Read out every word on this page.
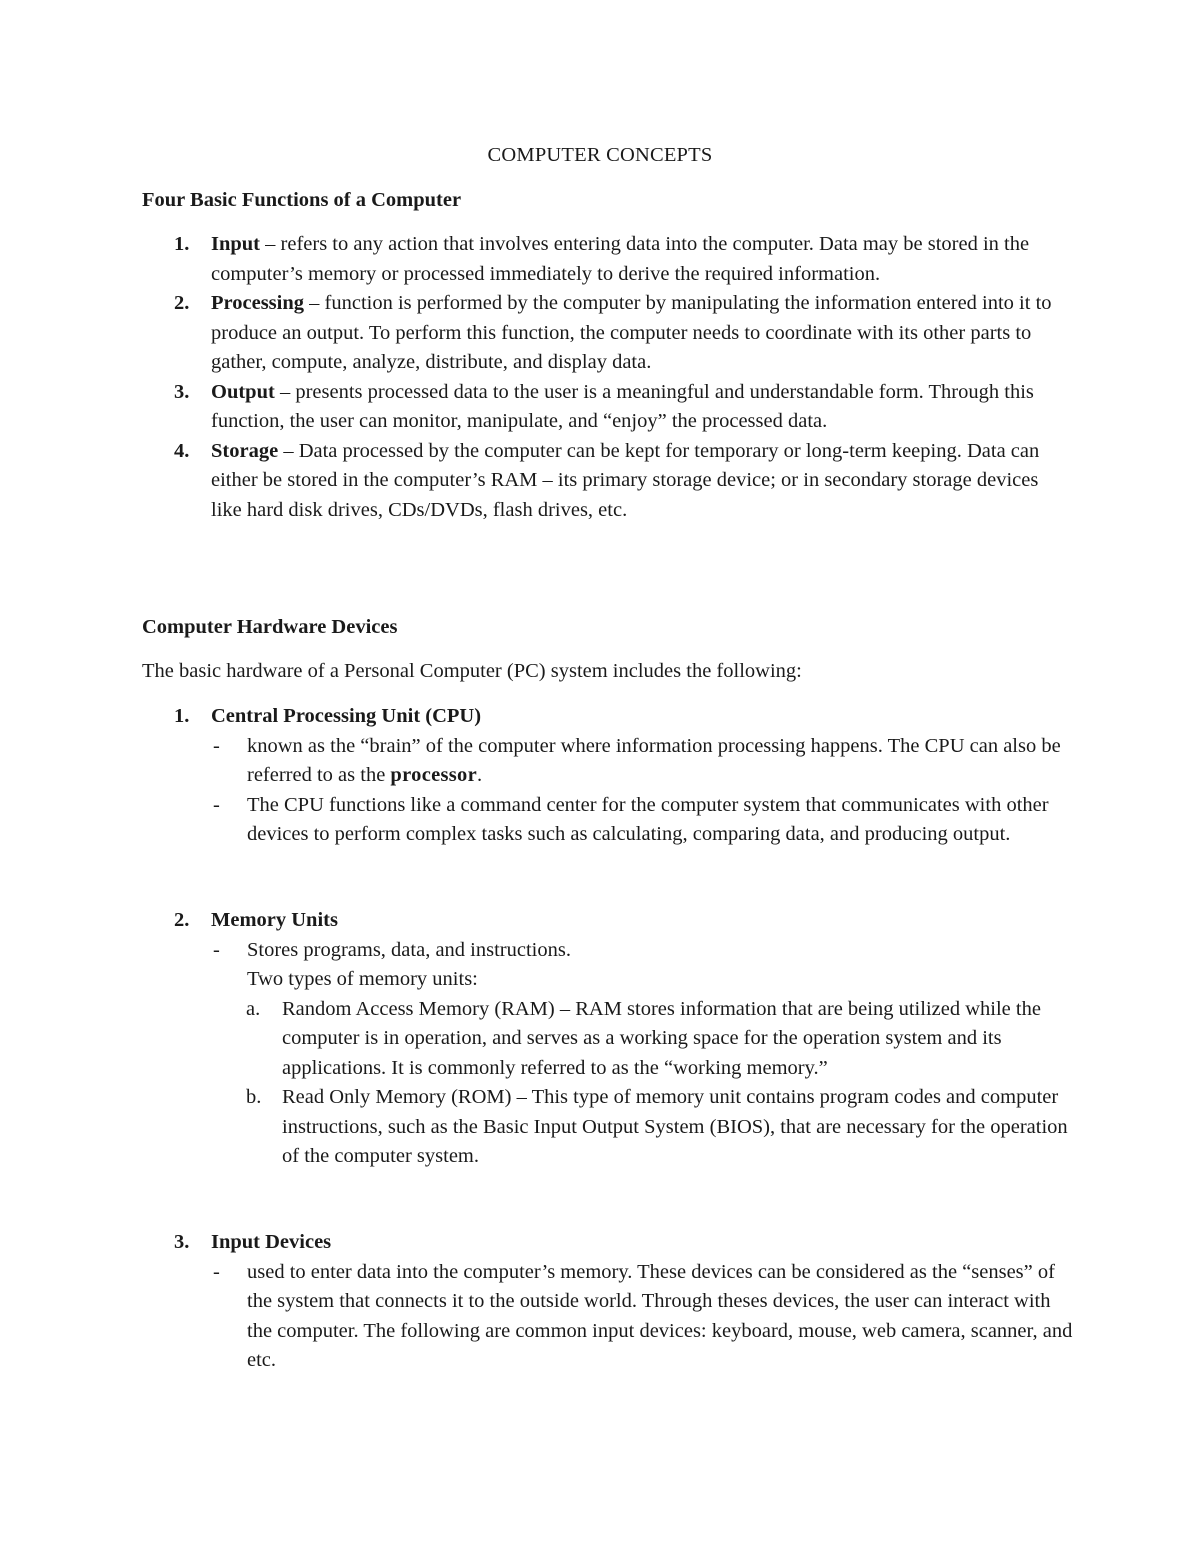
COMPUTER CONCEPTS
Four Basic Functions of a Computer
1. Input – refers to any action that involves entering data into the computer. Data may be stored in the computer’s memory or processed immediately to derive the required information.
2. Processing – function is performed by the computer by manipulating the information entered into it to produce an output. To perform this function, the computer needs to coordinate with its other parts to gather, compute, analyze, distribute, and display data.
3. Output – presents processed data to the user is a meaningful and understandable form. Through this function, the user can monitor, manipulate, and “enjoy” the processed data.
4. Storage – Data processed by the computer can be kept for temporary or long-term keeping. Data can either be stored in the computer’s RAM – its primary storage device; or in secondary storage devices like hard disk drives, CDs/DVDs, flash drives, etc.
Computer Hardware Devices
The basic hardware of a Personal Computer (PC) system includes the following:
1. Central Processing Unit (CPU)
- known as the “brain” of the computer where information processing happens. The CPU can also be referred to as the processor.
- The CPU functions like a command center for the computer system that communicates with other devices to perform complex tasks such as calculating, comparing data, and producing output.
2. Memory Units
- Stores programs, data, and instructions.
Two types of memory units:
a. Random Access Memory (RAM) – RAM stores information that are being utilized while the computer is in operation, and serves as a working space for the operation system and its applications. It is commonly referred to as the “working memory.”
b. Read Only Memory (ROM) – This type of memory unit contains program codes and computer instructions, such as the Basic Input Output System (BIOS), that are necessary for the operation of the computer system.
3. Input Devices
- used to enter data into the computer’s memory. These devices can be considered as the “senses” of the system that connects it to the outside world. Through theses devices, the user can interact with the computer. The following are common input devices: keyboard, mouse, web camera, scanner, and etc.
